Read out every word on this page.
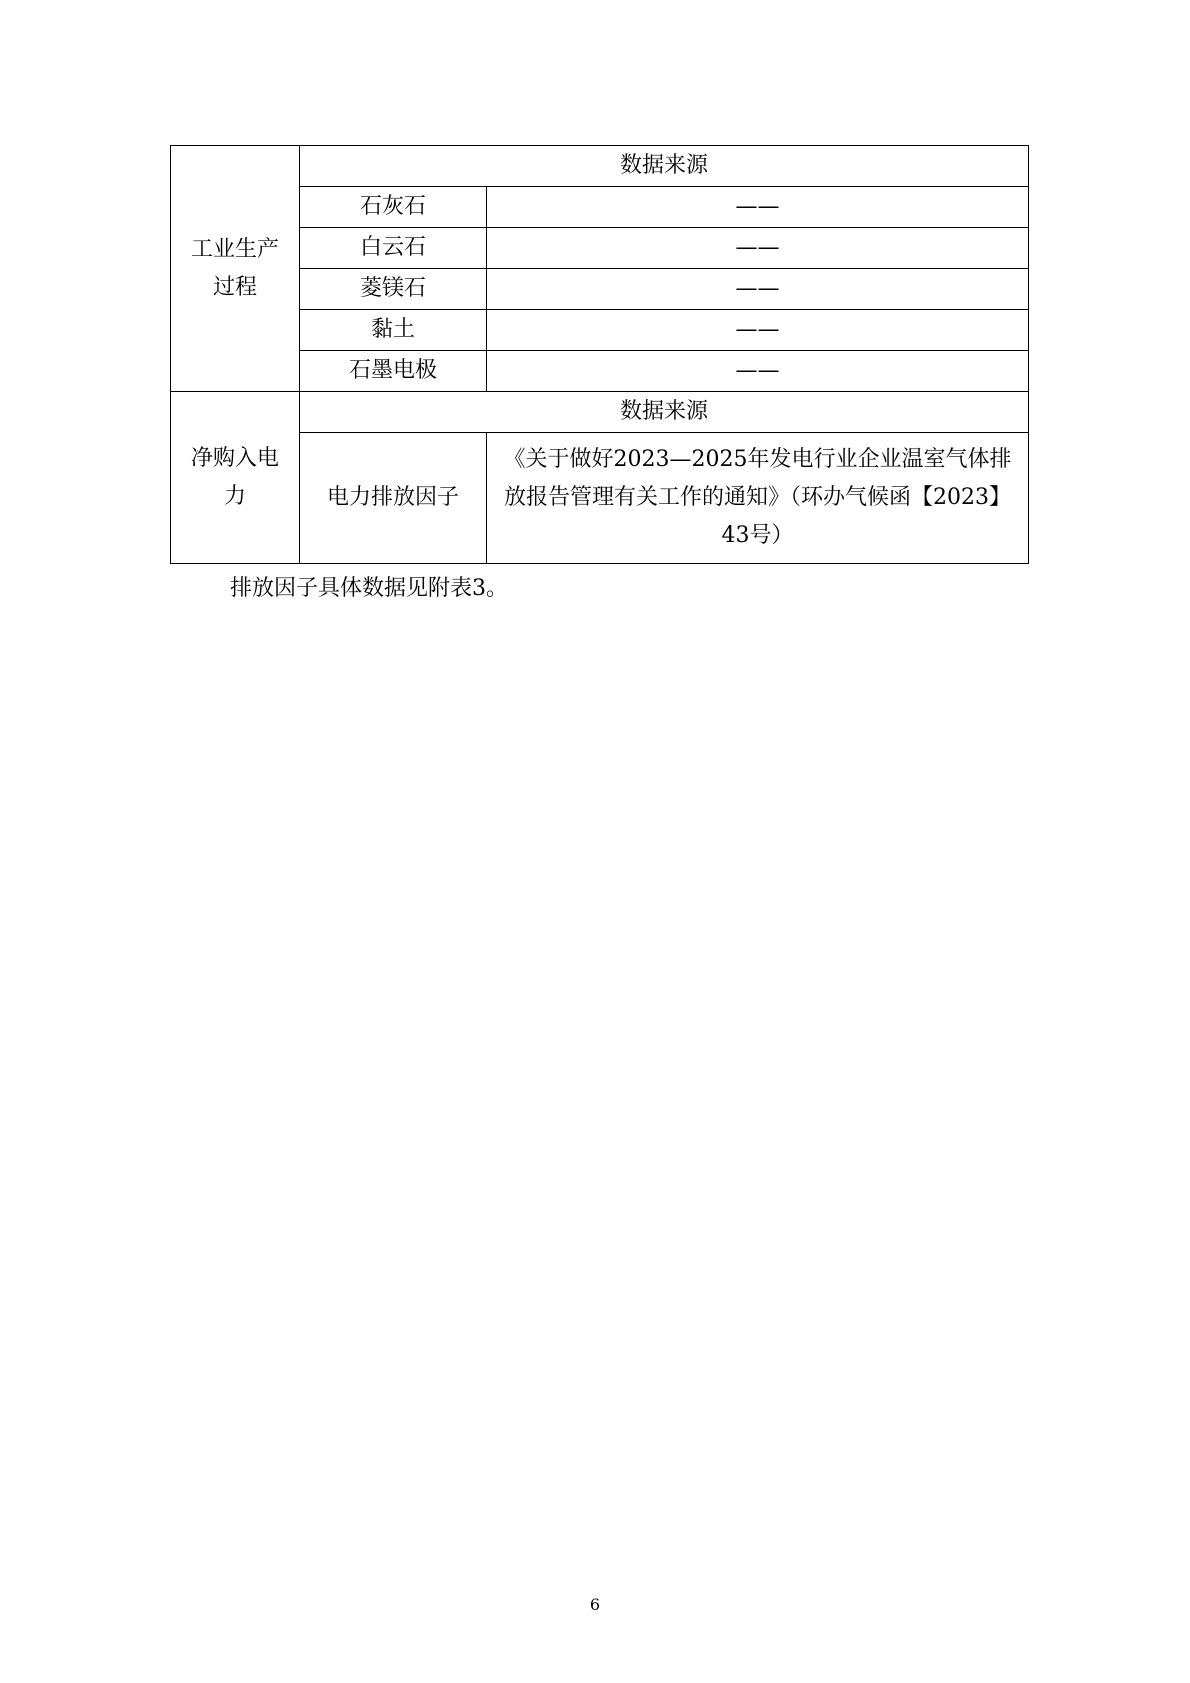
工业生产过程	数据来源	
	石灰石	——
	白云石	——
	菱镁石	——
	黏土	——
	石墨电极	——
净购入电力	数据来源	
	电力排放因子	《关于做好2023—2025年发电行业企业温室气体排放报告管理有关工作的通知》（环办气候函【2023】43号）

排放因子具体数据见附表3。

6
